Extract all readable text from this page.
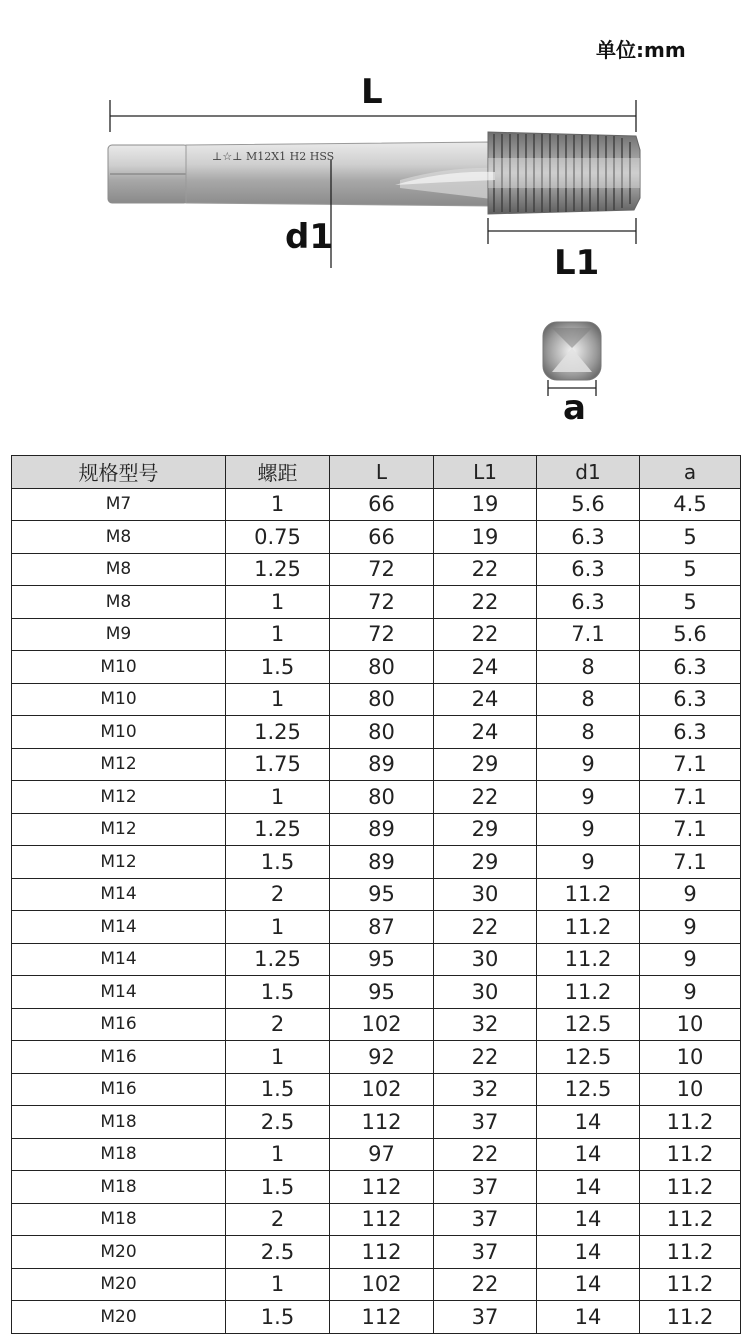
单位:mm
⊥☆⊥ M12X1 H2 HSS
L
d1
L1
a
规格型号	螺距	L	L1	d1	a
M7	1	66	19	5.6	4.5
M8	0.75	66	19	6.3	5
M8	1.25	72	22	6.3	5
M8	1	72	22	6.3	5
M9	1	72	22	7.1	5.6
M10	1.5	80	24	8	6.3
M10	1	80	24	8	6.3
M10	1.25	80	24	8	6.3
M12	1.75	89	29	9	7.1
M12	1	80	22	9	7.1
M12	1.25	89	29	9	7.1
M12	1.5	89	29	9	7.1
M14	2	95	30	11.2	9
M14	1	87	22	11.2	9
M14	1.25	95	30	11.2	9
M14	1.5	95	30	11.2	9
M16	2	102	32	12.5	10
M16	1	92	22	12.5	10
M16	1.5	102	32	12.5	10
M18	2.5	112	37	14	11.2
M18	1	97	22	14	11.2
M18	1.5	112	37	14	11.2
M18	2	112	37	14	11.2
M20	2.5	112	37	14	11.2
M20	1	102	22	14	11.2
M20	1.5	112	37	14	11.2
